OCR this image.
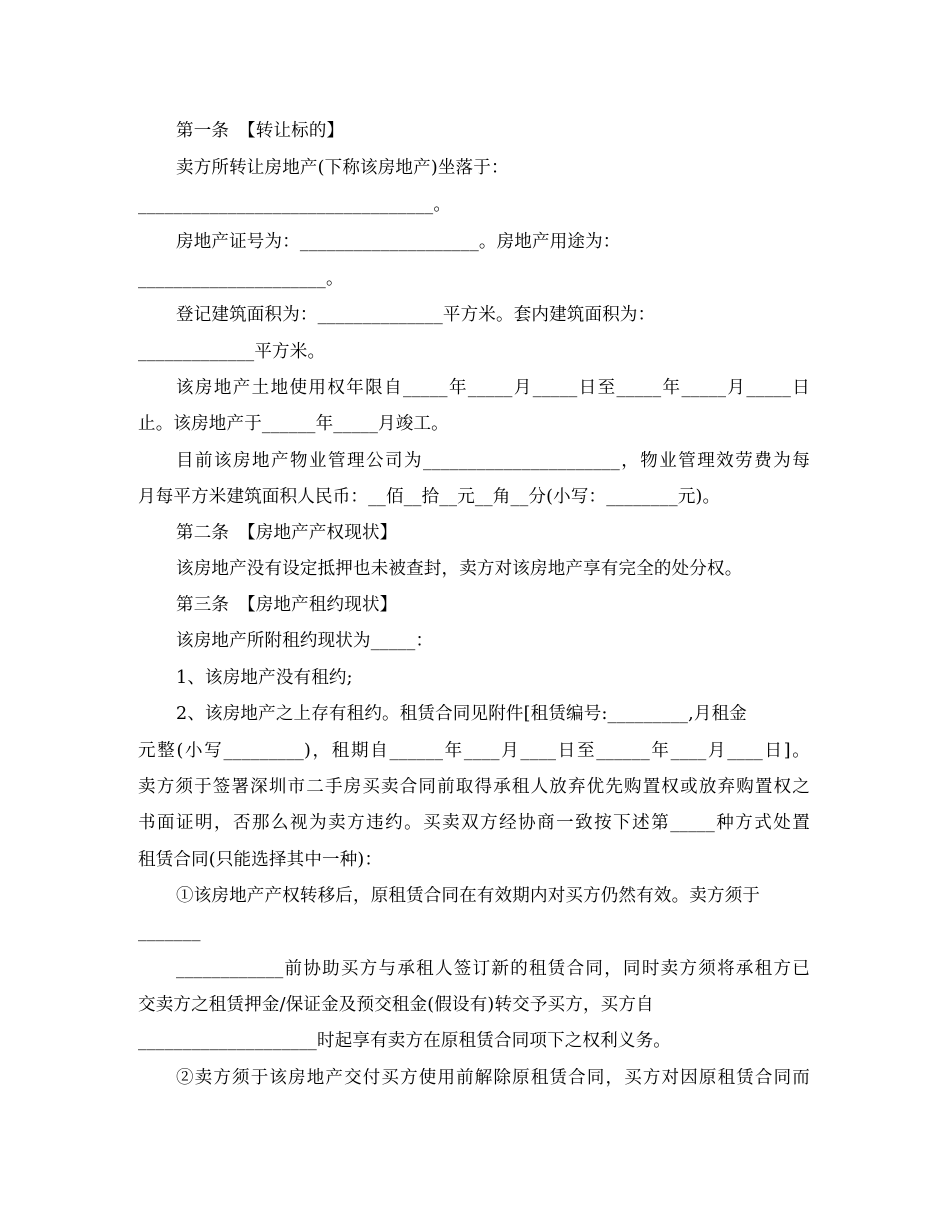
第一条　【转让标的】
卖方所转让房地产(下称该房地产)坐落于：
_________________________________。
房地产证号为：____________________。房地产用途为：
_____________________。
登记建筑面积为：______________平方米。套内建筑面积为：
_____________平方米。
该房地产土地使用权年限自_____年_____月_____日至_____年_____月_____日
止。该房地产于______年_____月竣工。
目前该房地产物业管理公司为______________________，物业管理效劳费为每
月每平方米建筑面积人民币：__佰__拾__元__角__分(小写：________元)。
第二条　【房地产产权现状】
该房地产没有设定抵押也未被查封，卖方对该房地产享有完全的处分权。
第三条　【房地产租约现状】
该房地产所附租约现状为_____：
1、该房地产没有租约;
2、该房地产之上存有租约。租赁合同见附件[租赁编号:_________,月租金
元整(小写_________)，租期自______年____月____日至______年____月____日]。
卖方须于签署深圳市二手房买卖合同前取得承租人放弃优先购置权或放弃购置权之
书面证明，否那么视为卖方违约。买卖双方经协商一致按下述第_____种方式处置
租赁合同(只能选择其中一种)：
①该房地产产权转移后，原租赁合同在有效期内对买方仍然有效。卖方须于
_______
____________前协助买方与承租人签订新的租赁合同，同时卖方须将承租方已
交卖方之租赁押金/保证金及预交租金(假设有)转交予买方，买方自
____________________时起享有卖方在原租赁合同项下之权利义务。
②卖方须于该房地产交付买方使用前解除原租赁合同，买方对因原租赁合同而
